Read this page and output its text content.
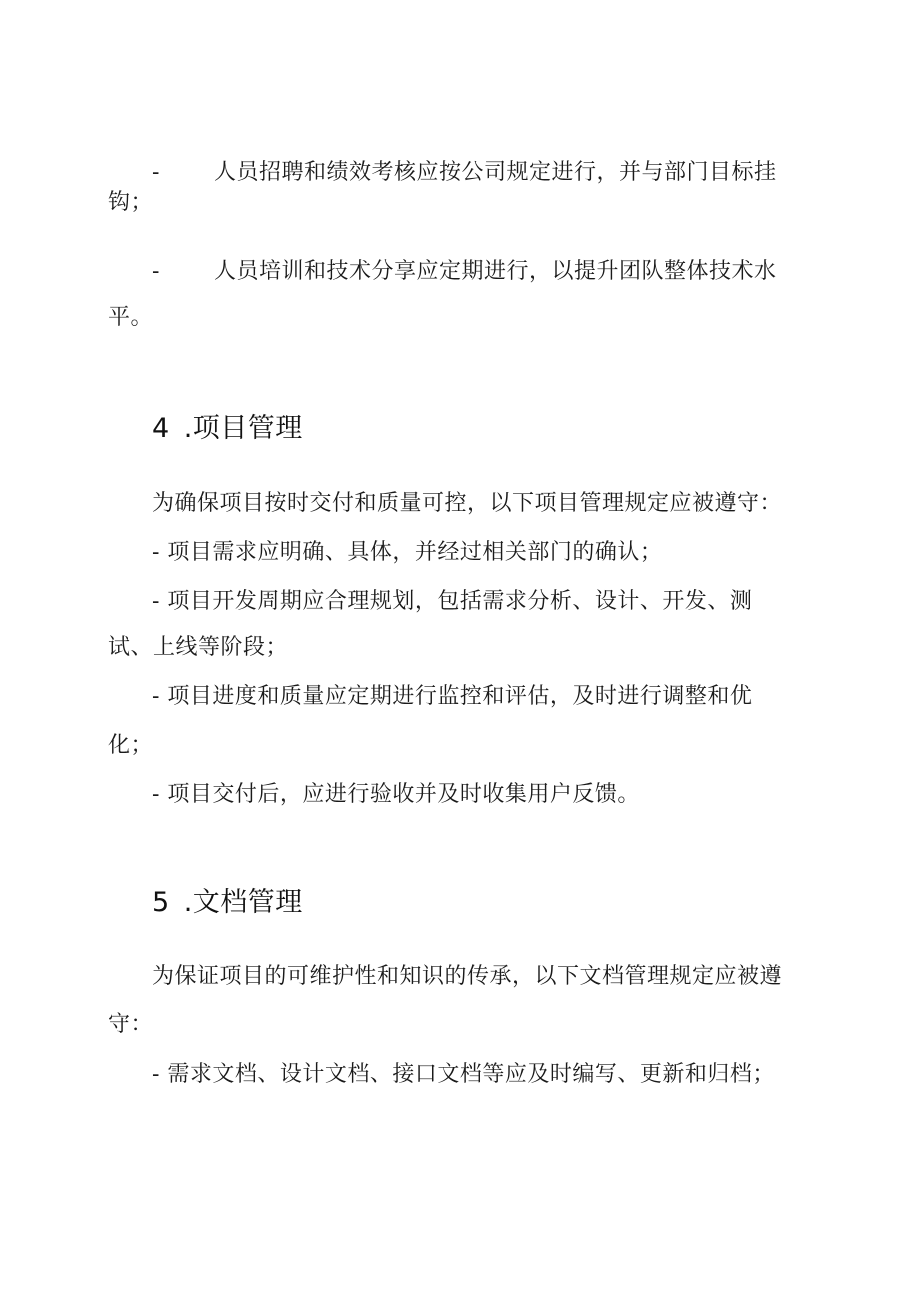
- 人员招聘和绩效考核应按公司规定进行，并与部门目标挂
钩；
- 人员培训和技术分享应定期进行，以提升团队整体技术水
平。
4 .项目管理
为确保项目按时交付和质量可控，以下项目管理规定应被遵守：
- 项目需求应明确、具体，并经过相关部门的确认；
- 项目开发周期应合理规划，包括需求分析、设计、开发、测
试、上线等阶段；
- 项目进度和质量应定期进行监控和评估，及时进行调整和优
化；
- 项目交付后，应进行验收并及时收集用户反馈。
5 .文档管理
为保证项目的可维护性和知识的传承，以下文档管理规定应被遵
守：
- 需求文档、设计文档、接口文档等应及时编写、更新和归档；
